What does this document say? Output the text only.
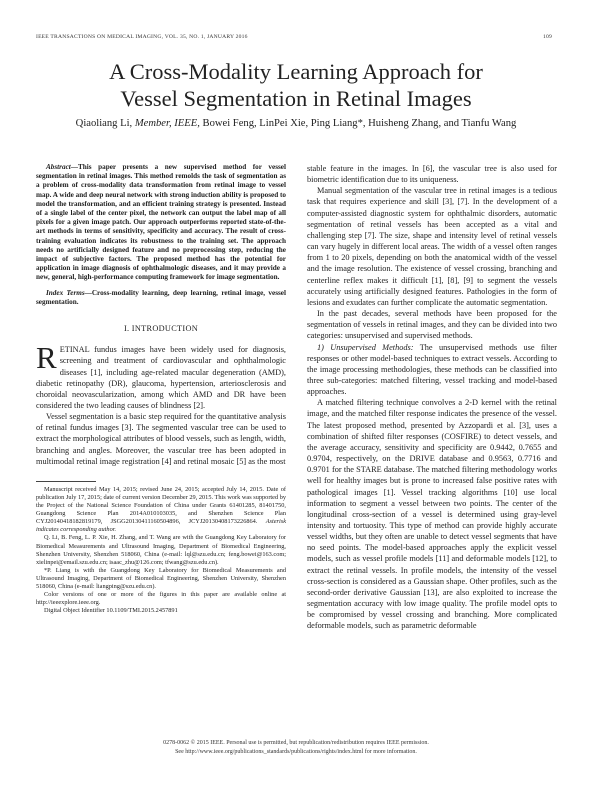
IEEE TRANSACTIONS ON MEDICAL IMAGING, VOL. 35, NO. 1, JANUARY 2016	109
A Cross-Modality Learning Approach for
Vessel Segmentation in Retinal Images
Qiaoliang Li, Member, IEEE, Bowei Feng, LinPei Xie, Ping Liang*, Huisheng Zhang, and Tianfu Wang
Abstract—This paper presents a new supervised method for vessel segmentation in retinal images. This method remolds the task of segmentation as a problem of cross-modality data transformation from retinal image to vessel map. A wide and deep neural network with strong induction ability is proposed to model the transformation, and an efficient training strategy is presented. Instead of a single label of the center pixel, the network can output the label map of all pixels for a given image patch. Our approach outperforms reported state-of-the-art methods in terms of sensitivity, specificity and accuracy. The result of cross-training evaluation indicates its robustness to the training set. The approach needs no artificially designed feature and no preprocessing step, reducing the impact of subjective factors. The proposed method has the potential for application in image diagnosis of ophthalmologic diseases, and it may provide a new, general, high-performance computing framework for image segmentation.
Index Terms—Cross-modality learning, deep learning, retinal image, vessel segmentation.
I. INTRODUCTION

RETINAL fundus images have been widely used for diagnosis, screening and treatment of cardiovascular and ophthalmologic diseases [1], including age-related macular degeneration (AMD), diabetic retinopathy (DR), glaucoma, hypertension, arteriosclerosis and choroidal neovascularization, among which AMD and DR have been considered the two leading causes of blindness [2].

Vessel segmentation is a basic step required for the quantitative analysis of retinal fundus images [3]. The segmented vascular tree can be used to extract the morphological attributes of blood vessels, such as length, width, branching and angles. Moreover, the vascular tree has been adopted in multimodal retinal image registration [4] and retinal mosaic [5] as the most

Manuscript received May 14, 2015; revised June 24, 2015; accepted July 14, 2015. Date of publication July 17, 2015; date of current version December 29, 2015. This work was supported by the Project of the National Science Foundation of China under Grants 61401285, 81401750, Guangdong Science Plan 2014A010103035, and Shenzhen Science Plan CYJ20140418182819179, JSGG20130411160504896, JCYJ20130408173226864. Asterisk indicates corresponding author.

Q. Li, B. Feng, L. P. Xie, H. Zhang, and T. Wang are with the Guangdong Key Laboratory for Biomedical Measurements and Ultrasound Imaging, Department of Biomedical Engineering, Shenzhen University, Shenzhen 518060, China (e-mail: lql@szu.edu.cn; feng.bowei@163.com; xielinpei@email.szu.edu.cn; isaac_zhu@126.com; tfwang@szu.edu.cn).

*P. Liang is with the Guangdong Key Laboratory for Biomedical Measurements and Ultrasound Imaging, Department of Biomedical Engineering, Shenzhen University, Shenzhen 518060, China (e-mail: liangping@szu.edu.cn).

Color versions of one or more of the figures in this paper are available online at http://ieeexplore.ieee.org.

Digital Object Identifier 10.1109/TMI.2015.2457891

stable feature in the images. In [6], the vascular tree is also used for biometric identification due to its uniqueness.

Manual segmentation of the vascular tree in retinal images is a tedious task that requires experience and skill [3], [7]. In the development of a computer-assisted diagnostic system for ophthalmic disorders, automatic segmentation of retinal vessels has been accepted as a vital and challenging step [7]. The size, shape and intensity level of retinal vessels can vary hugely in different local areas. The width of a vessel often ranges from 1 to 20 pixels, depending on both the anatomical width of the vessel and the image resolution. The existence of vessel crossing, branching and centerline reflex makes it difficult [1], [8], [9] to segment the vessels accurately using artificially designed features. Pathologies in the form of lesions and exudates can further complicate the automatic segmentation.

In the past decades, several methods have been proposed for the segmentation of vessels in retinal images, and they can be divided into two categories: unsupervised and supervised methods.

1) Unsupervised Methods: The unsupervised methods use filter responses or other model-based techniques to extract vessels. According to the image processing methodologies, these methods can be classified into three sub-categories: matched filtering, vessel tracking and model-based approaches.

A matched filtering technique convolves a 2-D kernel with the retinal image, and the matched filter response indicates the presence of the vessel. The latest proposed method, presented by Azzopardi et al. [3], uses a combination of shifted filter responses (COSFIRE) to detect vessels, and the average accuracy, sensitivity and specificity are 0.9442, 0.7655 and 0.9704, respectively, on the DRIVE database and 0.9563, 0.7716 and 0.9701 for the STARE database. The matched filtering methodology works well for healthy images but is prone to increased false positive rates with pathological images [1]. Vessel tracking algorithms [10] use local information to segment a vessel between two points. The center of the longitudinal cross-section of a vessel is determined using gray-level intensity and tortuosity. This type of method can provide highly accurate vessel widths, but they often are unable to detect vessel segments that have no seed points. The model-based approaches apply the explicit vessel models, such as vessel profile models [11] and deformable models [12], to extract the retinal vessels. In profile models, the intensity of the vessel cross-section is considered as a Gaussian shape. Other profiles, such as the second-order derivative Gaussian [13], are also exploited to increase the segmentation accuracy with low image quality. The profile model opts to be compromised by vessel crossing and branching. More complicated deformable models, such as parametric deformable

0278-0062 © 2015 IEEE. Personal use is permitted, but republication/redistribution requires IEEE permission.
See http://www.ieee.org/publications_standards/publications/rights/index.html for more information.
